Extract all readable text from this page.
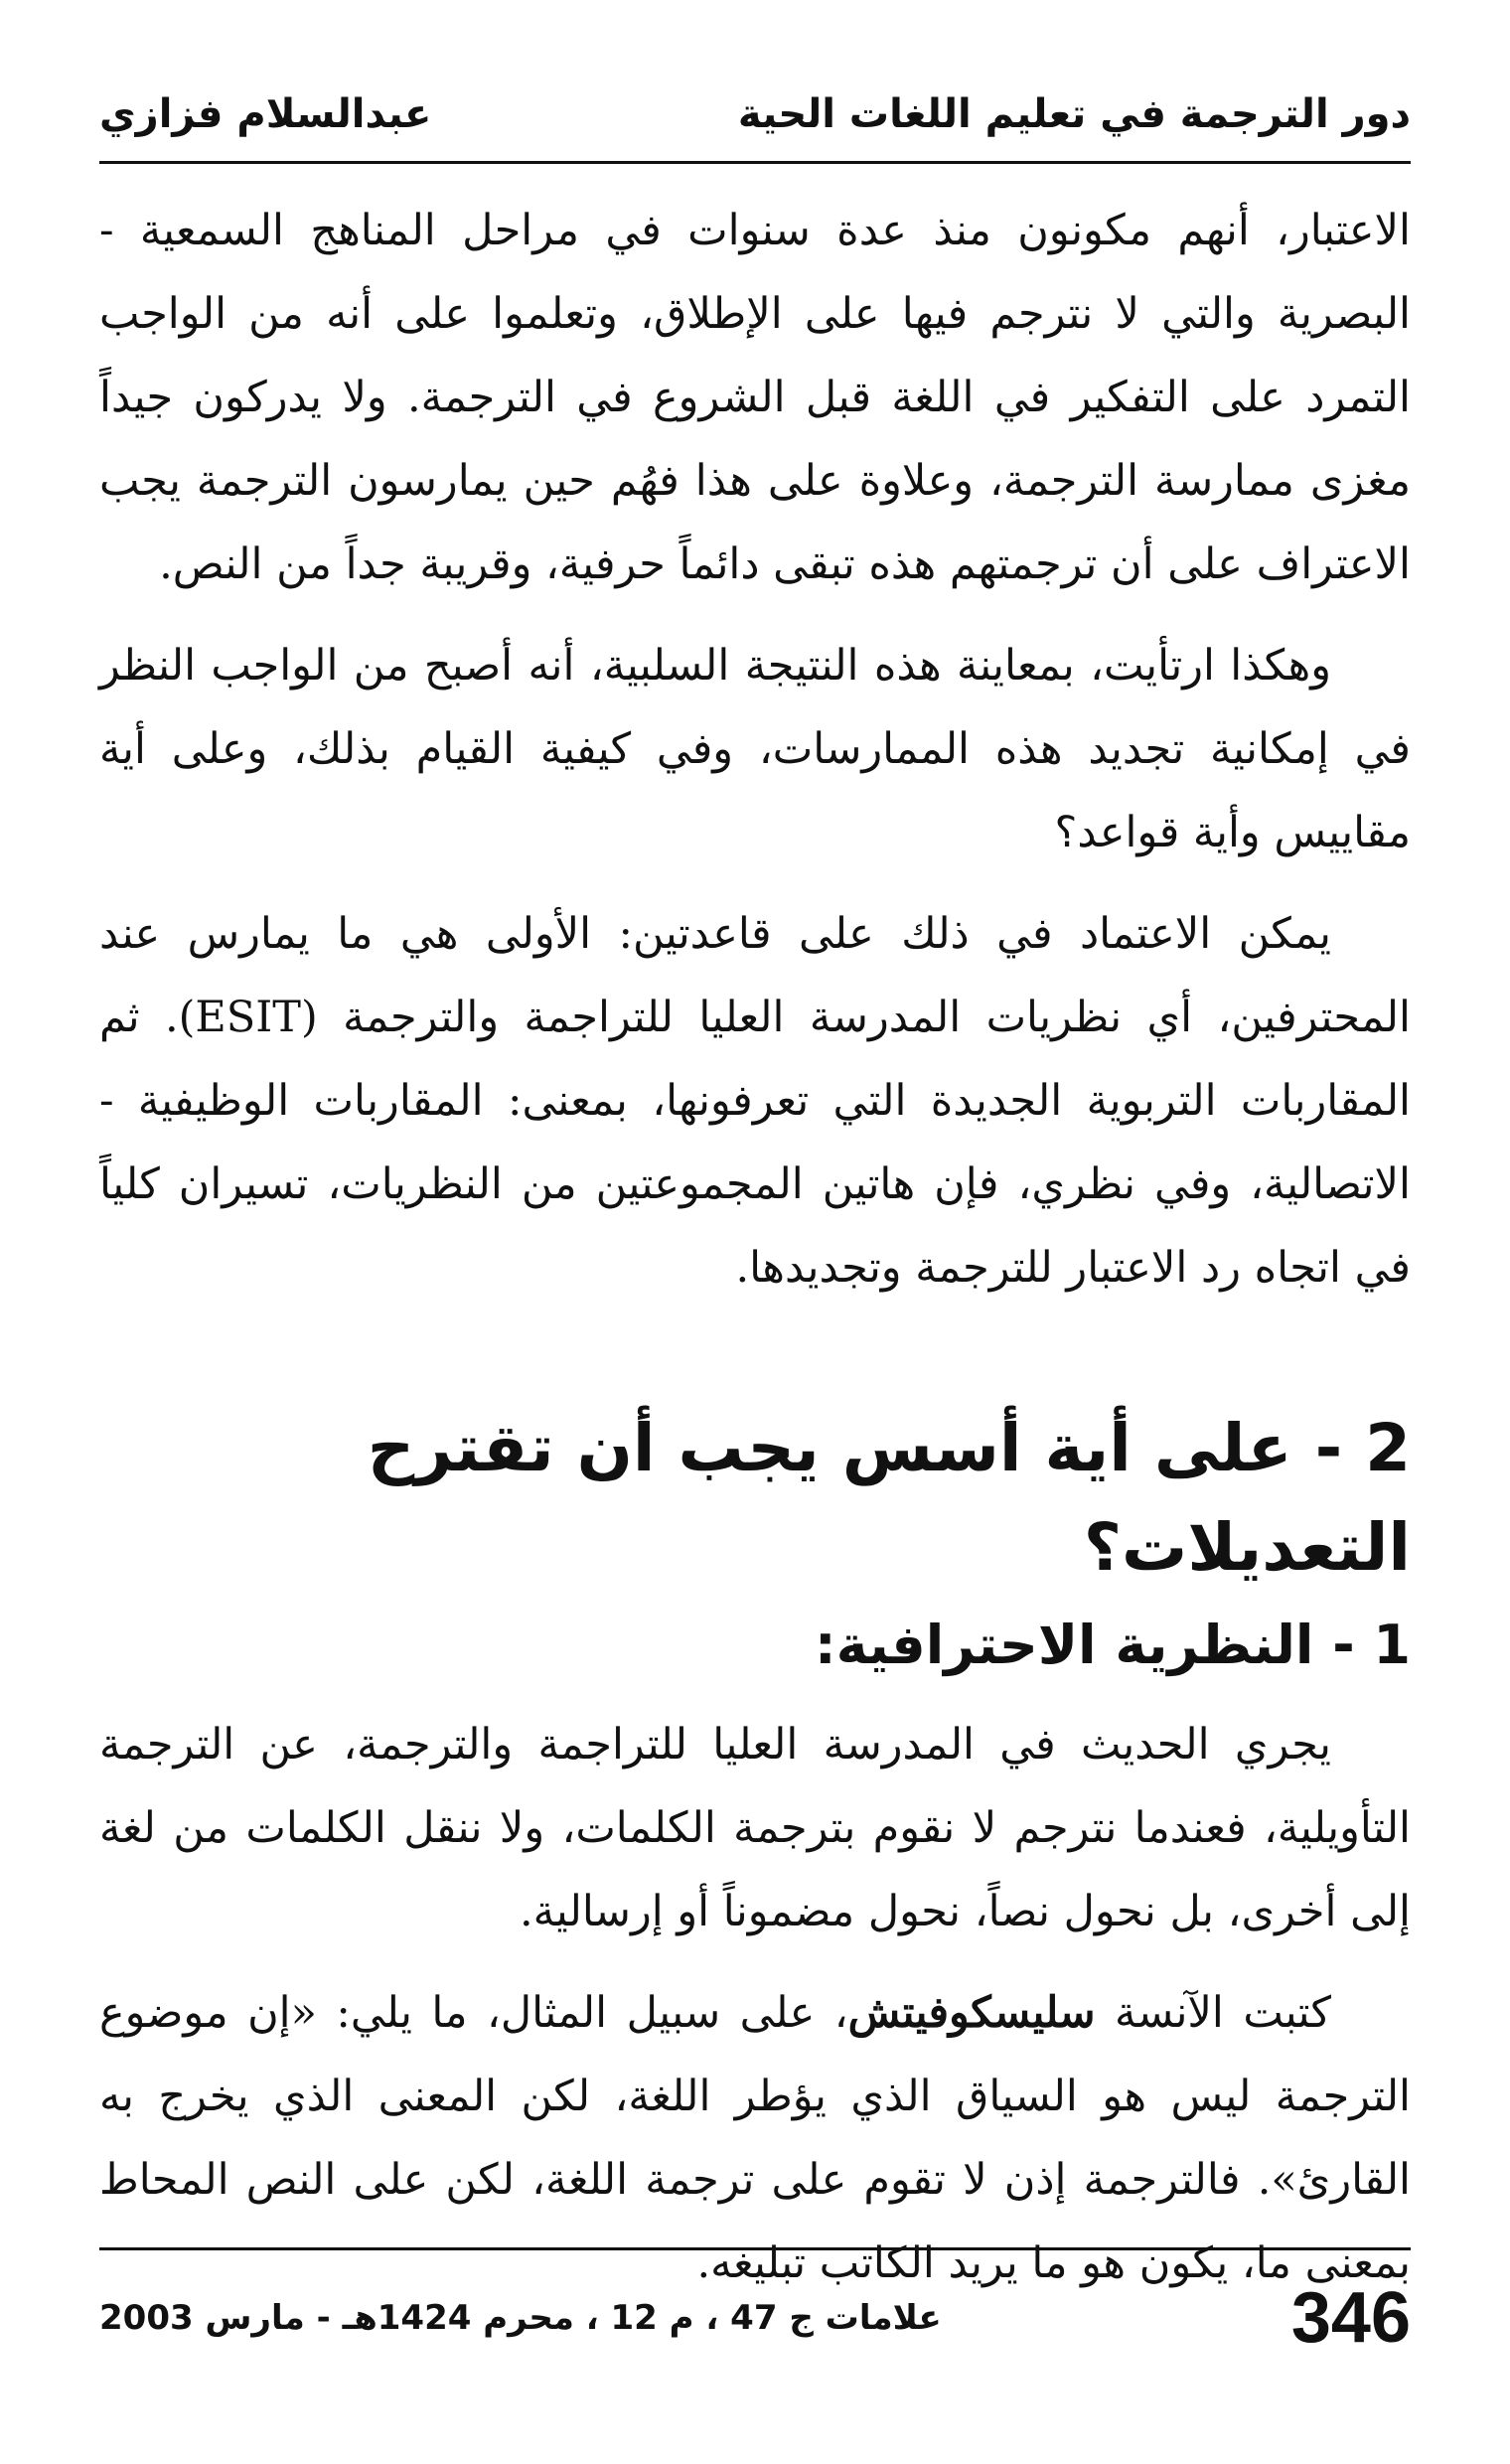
دور الترجمة في تعليم اللغات الحية
عبدالسلام فزازي

الاعتبار، أنهم مكونون منذ عدة سنوات في مراحل المناهج السمعية - البصرية والتي لا نترجم فيها على الإطلاق، وتعلموا على أنه من الواجب التمرد على التفكير في اللغة قبل الشروع في الترجمة. ولا يدركون جيداً مغزى ممارسة الترجمة، وعلاوة على هذا فهُم حين يمارسون الترجمة يجب الاعتراف على أن ترجمتهم هذه تبقى دائماً حرفية، وقريبة جداً من النص.

وهكذا ارتأيت، بمعاينة هذه النتيجة السلبية، أنه أصبح من الواجب النظر في إمكانية تجديد هذه الممارسات، وفي كيفية القيام بذلك، وعلى أية مقاييس وأية قواعد؟

يمكن الاعتماد في ذلك على قاعدتين: الأولى هي ما يمارس عند المحترفين، أي نظريات المدرسة العليا للتراجمة والترجمة (ESIT). ثم المقاربات التربوية الجديدة التي تعرفونها، بمعنى: المقاربات الوظيفية - الاتصالية، وفي نظري، فإن هاتين المجموعتين من النظريات، تسيران كلياً في اتجاه رد الاعتبار للترجمة وتجديدها.

2 - على أية أسس يجب أن تقترح التعديلات؟
1 - النظرية الاحترافية:

يجري الحديث في المدرسة العليا للتراجمة والترجمة، عن الترجمة التأويلية، فعندما نترجم لا نقوم بترجمة الكلمات، ولا ننقل الكلمات من لغة إلى أخرى، بل نحول نصاً، نحول مضموناً أو إرسالية.

كتبت الآنسة سليسكوفيتش، على سبيل المثال، ما يلي: «إن موضوع الترجمة ليس هو السياق الذي يؤطر اللغة، لكن المعنى الذي يخرج به القارئ». فالترجمة إذن لا تقوم على ترجمة اللغة، لكن على النص المحاط بمعنى ما، يكون هو ما يريد الكاتب تبليغه.

346
علامات ج 47 ، م 12 ، محرم 1424هـ - مارس 2003
